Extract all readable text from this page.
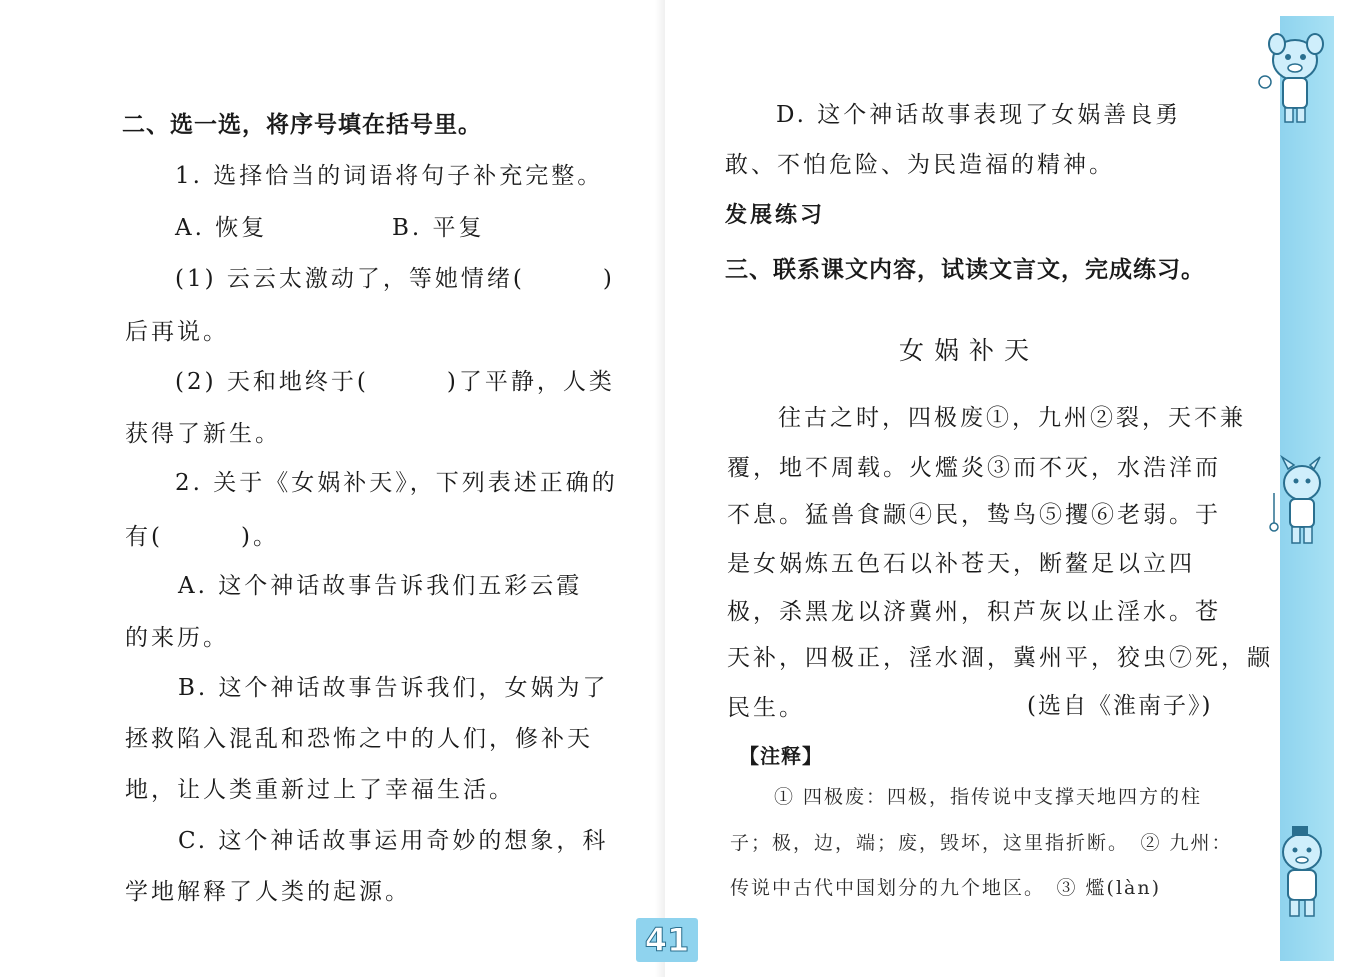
二、选一选，将序号填在括号里。
1. 选择恰当的词语将句子补充完整。
A. 恢复	B. 平复
(1) 云云太激动了，等她情绪(　　　)
后再说。
(2) 天和地终于(　　　)了平静，人类
获得了新生。
2. 关于《女娲补天》，下列表述正确的
有(　　　)。
A. 这个神话故事告诉我们五彩云霞
的来历。
B. 这个神话故事告诉我们，女娲为了
拯救陷入混乱和恐怖之中的人们，修补天
地，让人类重新过上了幸福生活。
C. 这个神话故事运用奇妙的想象，科
学地解释了人类的起源。
D. 这个神话故事表现了女娲善良勇
敢、不怕危险、为民造福的精神。
发展练习
三、联系课文内容，试读文言文，完成练习。
女娲补天
往古之时，四极废①，九州②裂，天不兼
覆，地不周载。火爁炎③而不灭，水浩洋而
不息。猛兽食颛④民，鸷鸟⑤攫⑥老弱。于
是女娲炼五色石以补苍天，断鳌足以立四
极，杀黑龙以济冀州，积芦灰以止淫水。苍
天补，四极正，淫水涸，冀州平，狡虫⑦死，颛
民生。	(选自《淮南子》)
【注释】
① 四极废：四极，指传说中支撑天地四方的柱
子；极，边，端；废，毁坏，这里指折断。　② 九州：
传说中古代中国划分的九个地区。　③ 爁(làn)
41
